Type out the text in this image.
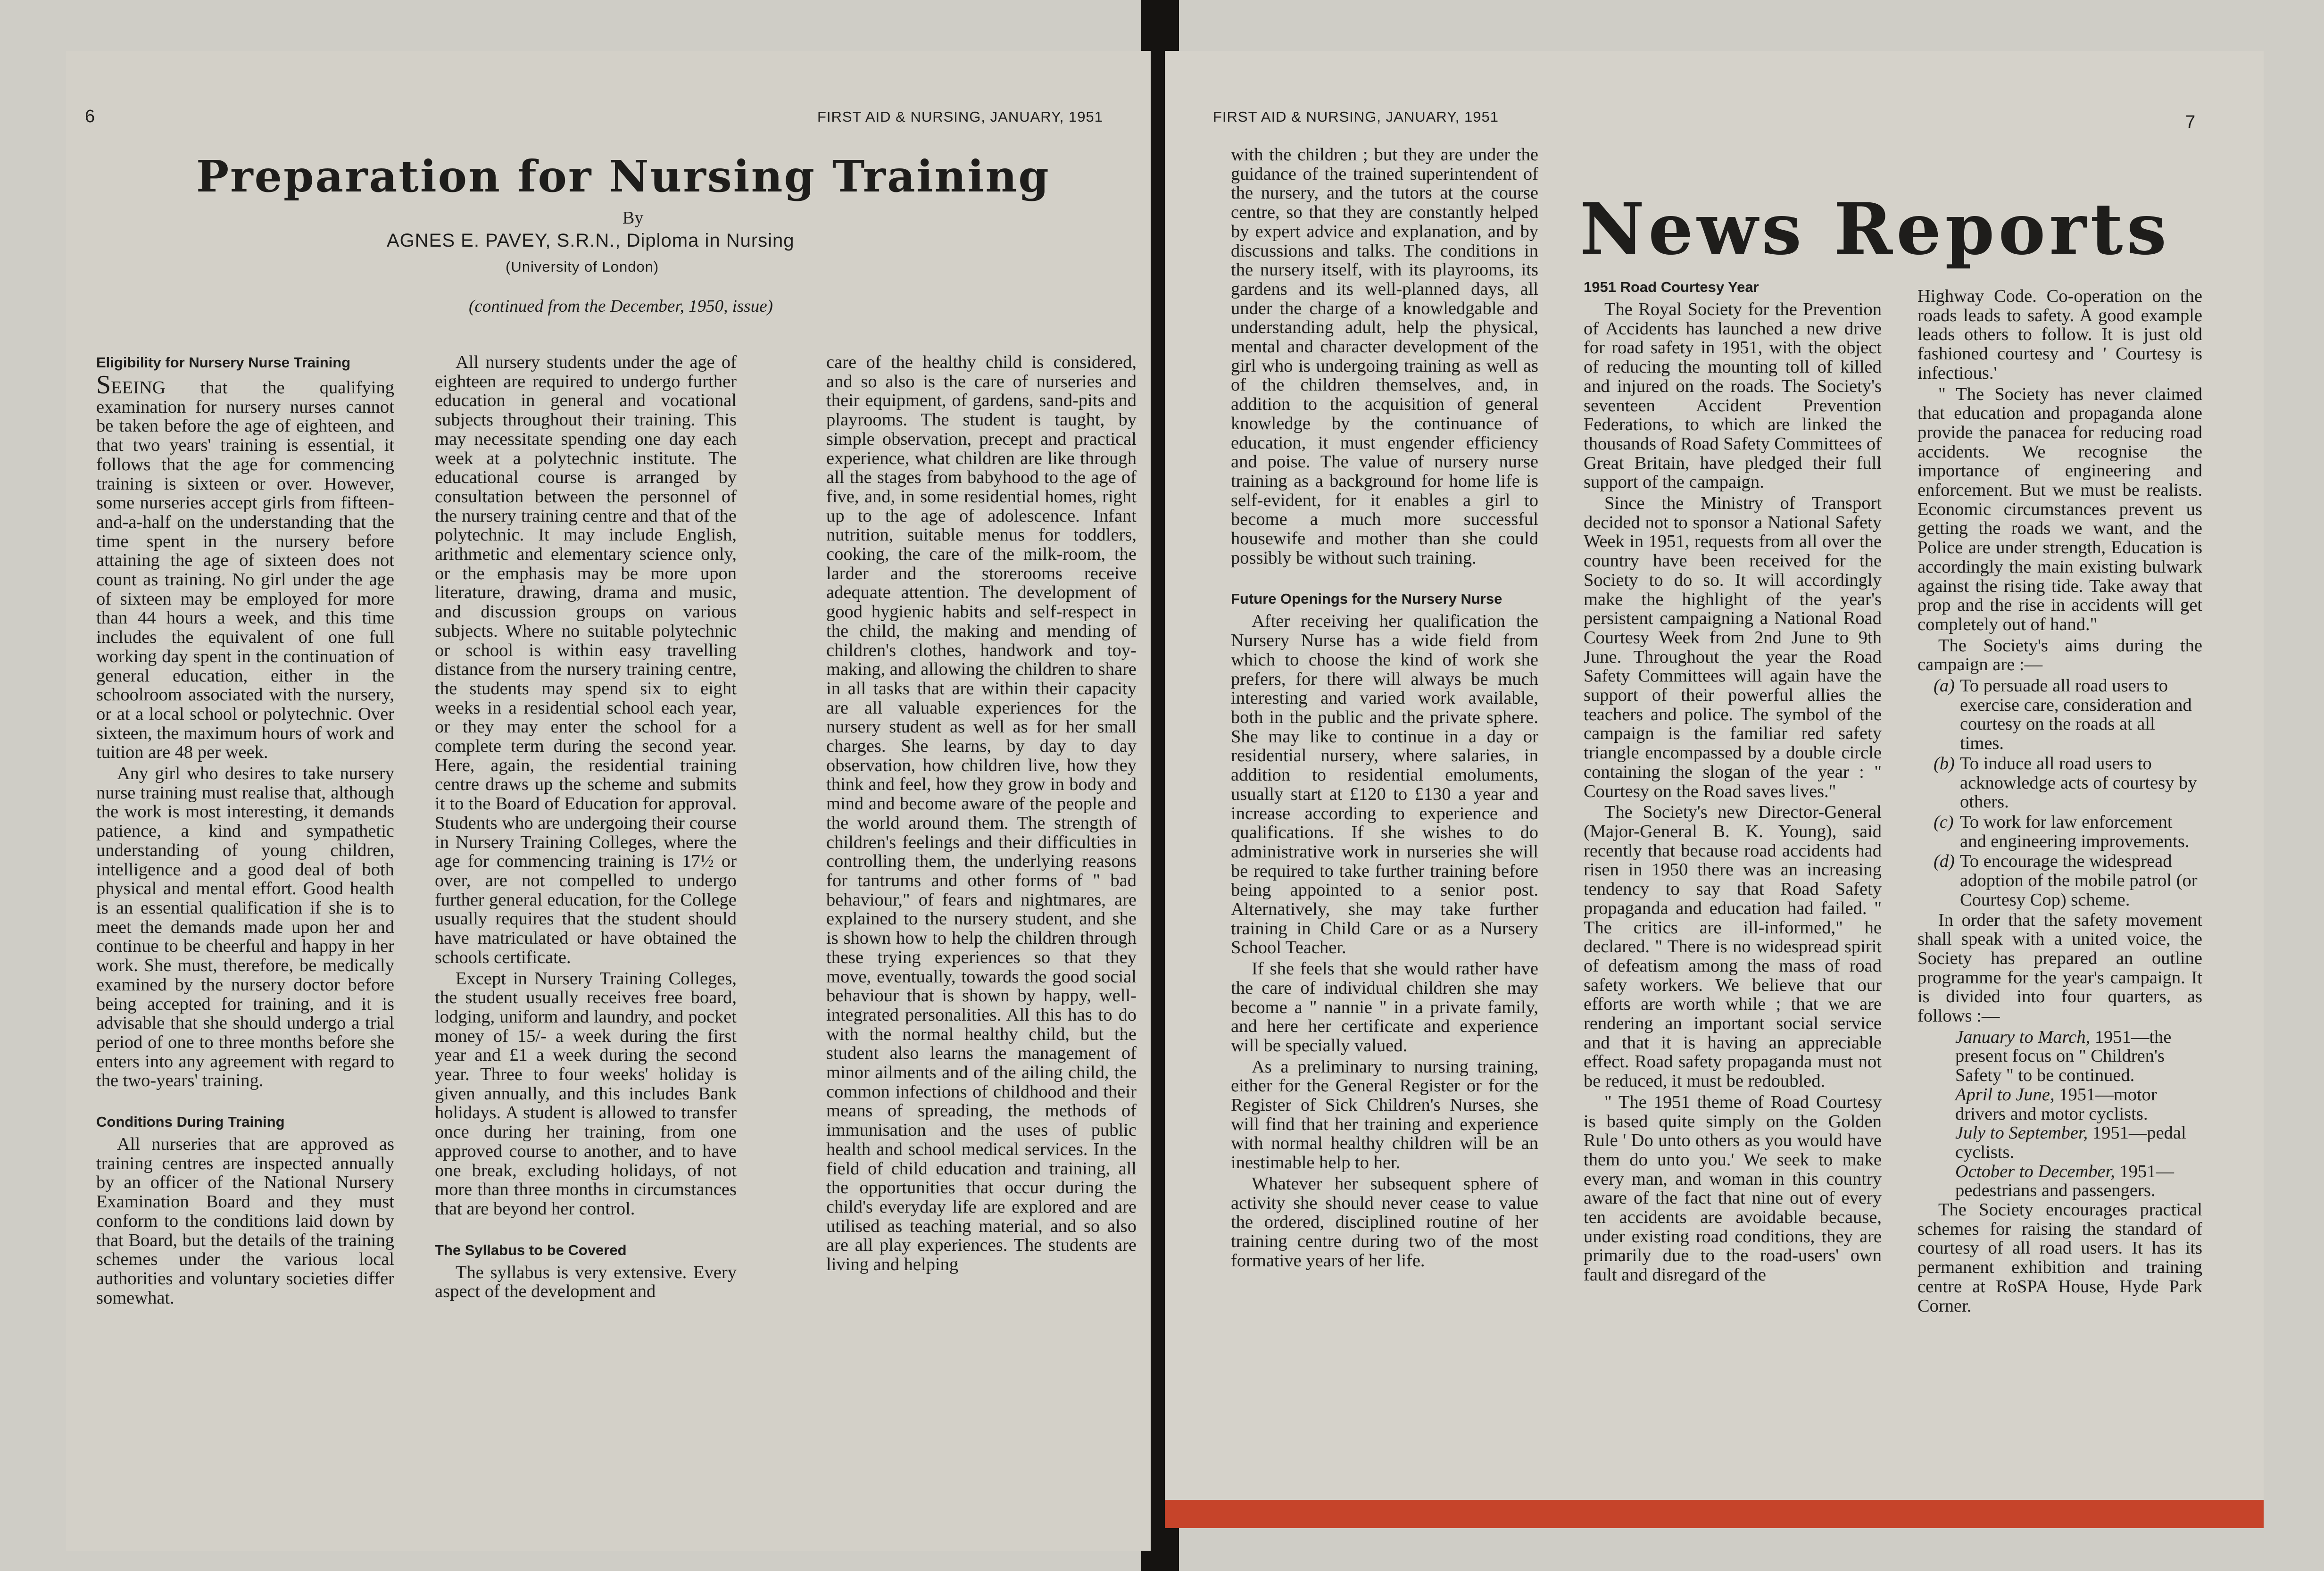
6	FIRST AID & NURSING, JANUARY, 1951
Preparation for Nursing Training
By
AGNES E. PAVEY, S.R.N., Diploma in Nursing
(University of London)
(continued from the December, 1950, issue)
Eligibility for Nursery Nurse Training

SEEING that the qualifying examination for nursery nurses cannot be taken before the age of eighteen, and that two years' training is essential, it follows that the age for commencing training is sixteen or over. However, some nurseries accept girls from fifteen-and-a-half on the understanding that the time spent in the nursery before attaining the age of sixteen does not count as training. No girl under the age of sixteen may be employed for more than 44 hours a week, and this time includes the equivalent of one full working day spent in the continuation of general education, either in the schoolroom associated with the nursery, or at a local school or polytechnic. Over sixteen, the maximum hours of work and tuition are 48 per week.

Any girl who desires to take nursery nurse training must realise that, although the work is most interesting, it demands patience, a kind and sympathetic understanding of young children, intelligence and a good deal of both physical and mental effort. Good health is an essential qualification if she is to meet the demands made upon her and continue to be cheerful and happy in her work. She must, therefore, be medically examined by the nursery doctor before being accepted for training, and it is advisable that she should undergo a trial period of one to three months before she enters into any agreement with regard to the two-years' training.

Conditions During Training

All nurseries that are approved as training centres are inspected annually by an officer of the National Nursery Examination Board and they must conform to the conditions laid down by that Board, but the details of the training schemes under the various local authorities and voluntary societies differ somewhat.

All nursery students under the age of eighteen are required to undergo further education in general and vocational subjects throughout their training. This may necessitate spending one day each week at a polytechnic institute. The educational course is arranged by consultation between the personnel of the nursery training centre and that of the polytechnic. It may include English, arithmetic and elementary science only, or the emphasis may be more upon literature, drawing, drama and music, and discussion groups on various subjects. Where no suitable polytechnic or school is within easy travelling distance from the nursery training centre, the students may spend six to eight weeks in a residential school each year, or they may enter the school for a complete term during the second year. Here, again, the residential training centre draws up the scheme and submits it to the Board of Education for approval. Students who are undergoing their course in Nursery Training Colleges, where the age for commencing training is 17½ or over, are not compelled to undergo further general education, for the College usually requires that the student should have matriculated or have obtained the schools certificate.

Except in Nursery Training Colleges, the student usually receives free board, lodging, uniform and laundry, and pocket money of 15/- a week during the first year and £1 a week during the second year. Three to four weeks' holiday is given annually, and this includes Bank holidays. A student is allowed to transfer once during her training, from one approved course to another, and to have one break, excluding holidays, of not more than three months in circumstances that are beyond her control.

The Syllabus to be Covered

The syllabus is very extensive. Every aspect of the development and

care of the healthy child is considered, and so also is the care of nurseries and their equipment, of gardens, sand-pits and playrooms. The student is taught, by simple observation, precept and practical experience, what children are like through all the stages from babyhood to the age of five, and, in some residential homes, right up to the age of adolescence. Infant nutrition, suitable menus for toddlers, cooking, the care of the milk-room, the larder and the storerooms receive adequate attention. The development of good hygienic habits and self-respect in the child, the making and mending of children's clothes, handwork and toy-making, and allowing the children to share in all tasks that are within their capacity are all valuable experiences for the nursery student as well as for her small charges. She learns, by day to day observation, how children live, how they think and feel, how they grow in body and mind and become aware of the people and the world around them. The strength of children's feelings and their difficulties in controlling them, the underlying reasons for tantrums and other forms of " bad behaviour," of fears and nightmares, are explained to the nursery student, and she is shown how to help the children through these trying experiences so that they move, eventually, towards the good social behaviour that is shown by happy, well-integrated personalities. All this has to do with the normal healthy child, but the student also learns the management of minor ailments and of the ailing child, the common infections of childhood and their means of spreading, the methods of immunisation and the uses of public health and school medical services. In the field of child education and training, all the opportunities that occur during the child's everyday life are explored and are utilised as teaching material, and so also are all play experiences. The students are living and helping

FIRST AID & NURSING, JANUARY, 1951	7

with the children ; but they are under the guidance of the trained superintendent of the nursery, and the tutors at the course centre, so that they are constantly helped by expert advice and explanation, and by discussions and talks. The conditions in the nursery itself, with its playrooms, its gardens and its well-planned days, all under the charge of a knowledgable and understanding adult, help the physical, mental and character development of the girl who is undergoing training as well as of the children themselves, and, in addition to the acquisition of general knowledge by the continuance of education, it must engender efficiency and poise. The value of nursery nurse training as a background for home life is self-evident, for it enables a girl to become a much more successful housewife and mother than she could possibly be without such training.

Future Openings for the Nursery Nurse

After receiving her qualification the Nursery Nurse has a wide field from which to choose the kind of work she prefers, for there will always be much interesting and varied work available, both in the public and the private sphere. She may like to continue in a day or residential nursery, where salaries, in addition to residential emoluments, usually start at £120 to £130 a year and increase according to experience and qualifications. If she wishes to do administrative work in nurseries she will be required to take further training before being appointed to a senior post. Alternatively, she may take further training in Child Care or as a Nursery School Teacher.

If she feels that she would rather have the care of individual children she may become a " nannie " in a private family, and here her certificate and experience will be specially valued.

As a preliminary to nursing training, either for the General Register or for the Register of Sick Children's Nurses, she will find that her training and experience with normal healthy children will be an inestimable help to her.

Whatever her subsequent sphere of activity she should never cease to value the ordered, disciplined routine of her training centre during two of the most formative years of her life.

News Reports
1951 Road Courtesy Year

The Royal Society for the Prevention of Accidents has launched a new drive for road safety in 1951, with the object of reducing the mounting toll of killed and injured on the roads. The Society's seventeen Accident Prevention Federations, to which are linked the thousands of Road Safety Committees of Great Britain, have pledged their full support of the campaign.

Since the Ministry of Transport decided not to sponsor a National Safety Week in 1951, requests from all over the country have been received for the Society to do so. It will accordingly make the highlight of the year's persistent campaigning a National Road Courtesy Week from 2nd June to 9th June. Throughout the year the Road Safety Committees will again have the support of their powerful allies the teachers and police. The symbol of the campaign is the familiar red safety triangle encompassed by a double circle containing the slogan of the year : " Courtesy on the Road saves lives."

The Society's new Director-General (Major-General B. K. Young), said recently that because road accidents had risen in 1950 there was an increasing tendency to say that Road Safety propaganda and education had failed. " The critics are ill-informed," he declared. " There is no widespread spirit of defeatism among the mass of road safety workers. We believe that our efforts are worth while ; that we are rendering an important social service and that it is having an appreciable effect. Road safety propaganda must not be reduced, it must be redoubled.

" The 1951 theme of Road Courtesy is based quite simply on the Golden Rule ' Do unto others as you would have them do unto you.' We seek to make every man, and woman in this country aware of the fact that nine out of every ten accidents are avoidable because, under existing road conditions, they are primarily due to the road-users' own fault and disregard of the

Highway Code. Co-operation on the roads leads to safety. A good example leads others to follow. It is just old fashioned courtesy and ' Courtesy is infectious.'

" The Society has never claimed that education and propaganda alone provide the panacea for reducing road accidents. We recognise the importance of engineering and enforcement. But we must be realists. Economic circumstances prevent us getting the roads we want, and the Police are under strength, Education is accordingly the main existing bulwark against the rising tide. Take away that prop and the rise in accidents will get completely out of hand."

The Society's aims during the campaign are :—

(a) To persuade all road users to exercise care, consideration and courtesy on the roads at all times.
(b) To induce all road users to acknowledge acts of courtesy by others.
(c) To work for law enforcement and engineering improvements.
(d) To encourage the widespread adoption of the mobile patrol (or Courtesy Cop) scheme.

In order that the safety movement shall speak with a united voice, the Society has prepared an outline programme for the year's campaign. It is divided into four quarters, as follows :—

January to March, 1951—the present focus on " Children's Safety " to be continued.

April to June, 1951—motor drivers and motor cyclists.

July to September, 1951—pedal cyclists.

October to December, 1951—pedestrians and passengers.

The Society encourages practical schemes for raising the standard of courtesy of all road users. It has its permanent exhibition and training centre at RoSPA House, Hyde Park Corner.
